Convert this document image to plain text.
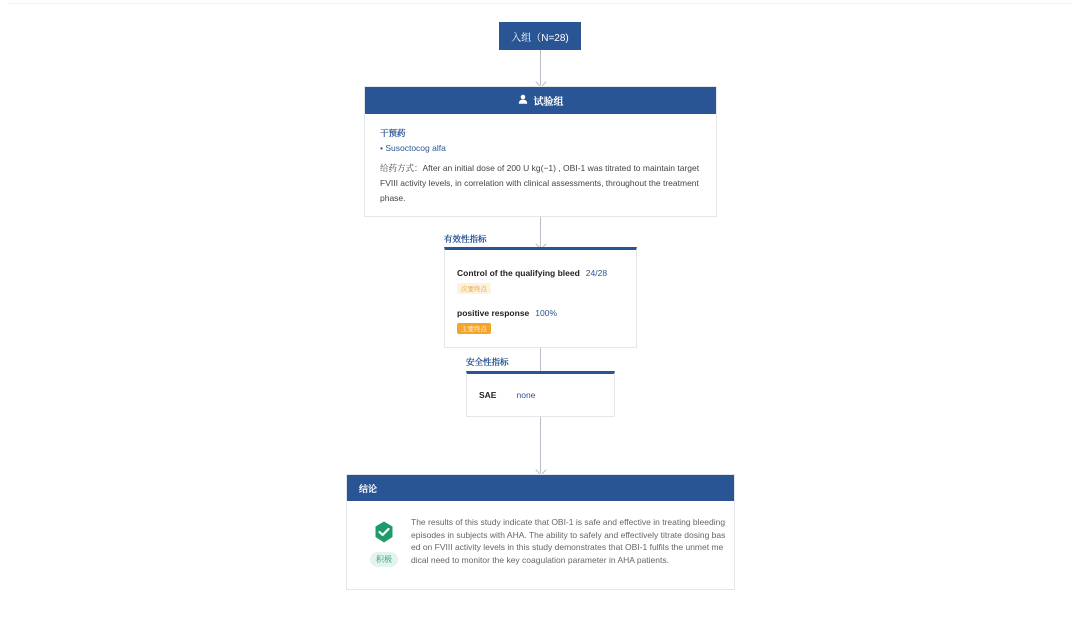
入组（N=28)
试验组
干预药
• Susoctocog alfa
给药方式：After an initial dose of 200 U kg(−1) , OBI-1 was titrated to maintain target FVIII activity levels, in correlation with clinical assessments, throughout the treatment phase.
有效性指标
Control of the qualifying bleed 24/28
次要终点
positive response 100%
主要终点
安全性指标
SAE none
结论
积极
The results of this study indicate that OBI-1 is safe and effective in treating bleeding episodes in subjects with AHA. The ability to safely and effectively titrate dosing based on FVIII activity levels in this study demonstrates that OBI-1 fulfils the unmet medical need to monitor the key coagulation parameter in AHA patients.
